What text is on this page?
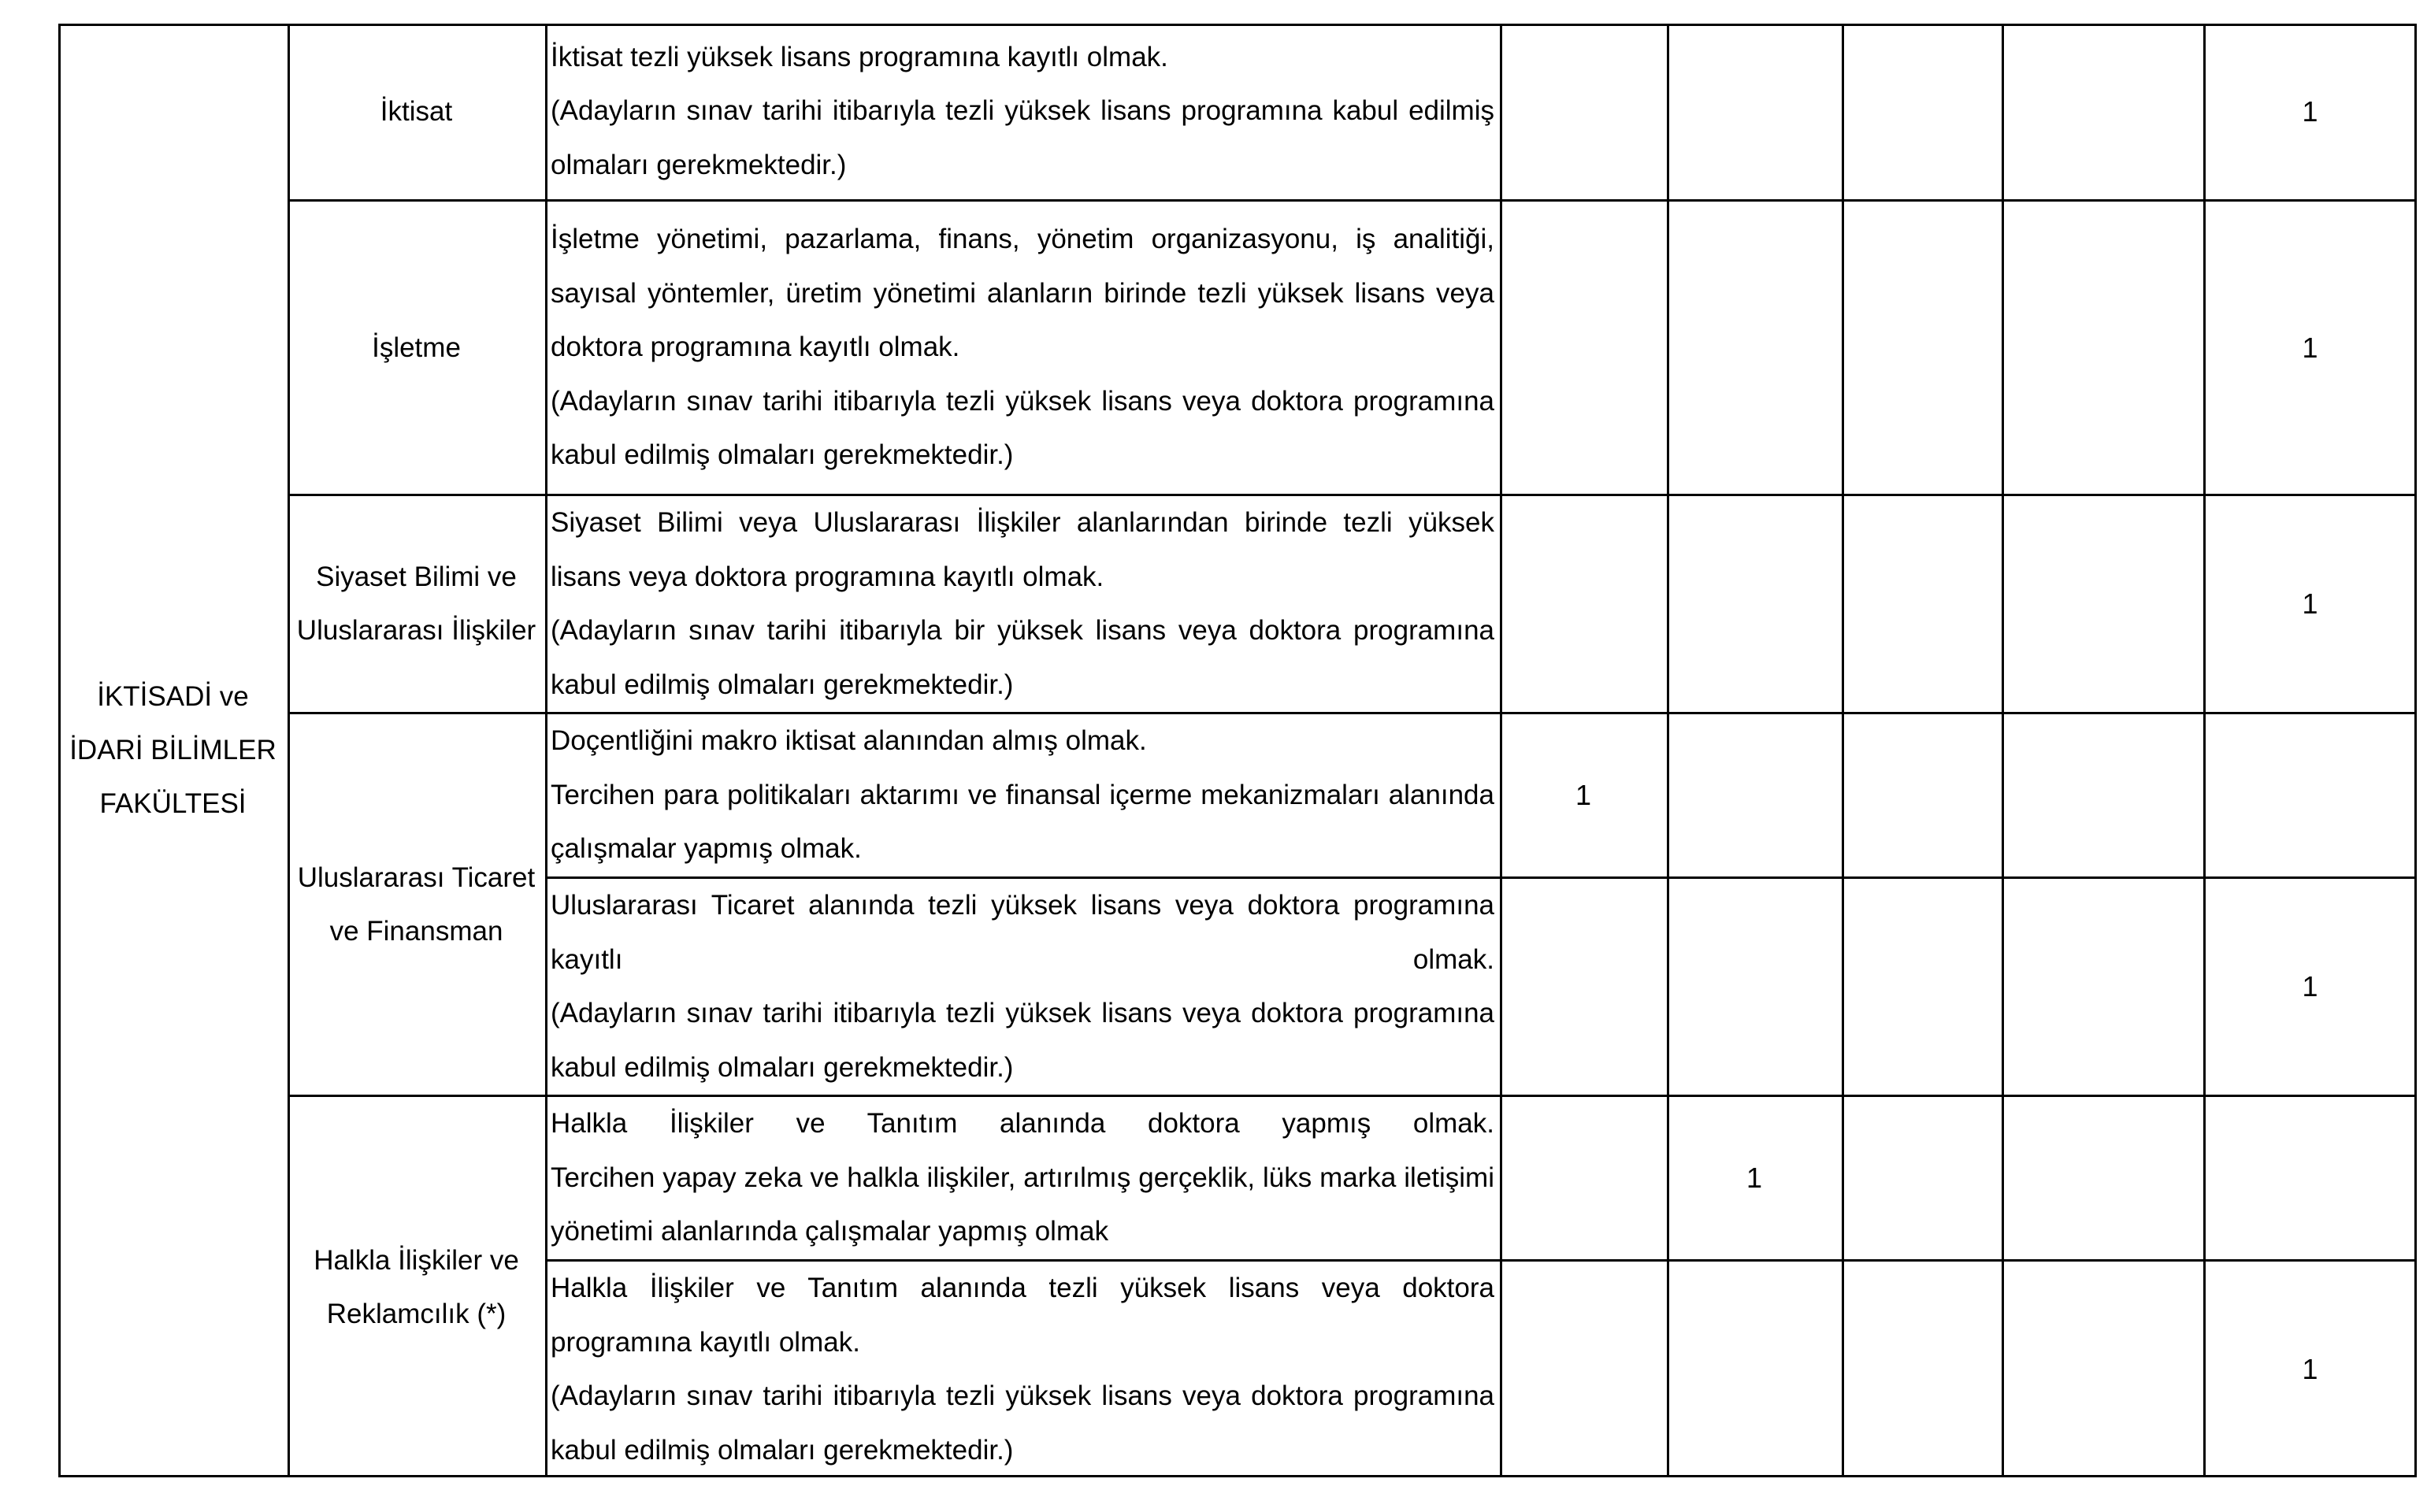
İKTİSADİ ve
İDARİ BİLİMLER
FAKÜLTESİ
İktisat
İşletme
Siyaset Bilimi ve
Uluslararası İlişkiler
Uluslararası Ticaret
ve Finansman
Halkla İlişkiler ve
Reklamcılık (*)
İktisat tezli yüksek lisans programına kayıtlı olmak.
(Adayların sınav tarihi itibarıyla tezli yüksek lisans programına kabul edilmiş
olmaları gerekmektedir.)
İşletme yönetimi, pazarlama, finans, yönetim organizasyonu, iş analitiği,
sayısal yöntemler, üretim yönetimi alanların birinde tezli yüksek lisans veya
doktora programına kayıtlı olmak.
(Adayların sınav tarihi itibarıyla tezli yüksek lisans veya doktora programına
kabul edilmiş olmaları gerekmektedir.)
Siyaset Bilimi veya Uluslararası İlişkiler alanlarından birinde tezli yüksek
lisans veya doktora programına kayıtlı olmak.
(Adayların sınav tarihi itibarıyla bir yüksek lisans veya doktora programına
kabul edilmiş olmaları gerekmektedir.)
Doçentliğini makro iktisat alanından almış olmak.
Tercihen para politikaları aktarımı ve finansal içerme mekanizmaları alanında
çalışmalar yapmış olmak.
Uluslararası Ticaret alanında tezli yüksek lisans veya doktora programına
kayıtlı olmak.
(Adayların sınav tarihi itibarıyla tezli yüksek lisans veya doktora programına
kabul edilmiş olmaları gerekmektedir.)
Halkla İlişkiler ve Tanıtım alanında doktora yapmış olmak.
Tercihen yapay zeka ve halkla ilişkiler, artırılmış gerçeklik, lüks marka iletişimi
yönetimi alanlarında çalışmalar yapmış olmak
Halkla İlişkiler ve Tanıtım alanında tezli yüksek lisans veya doktora
programına kayıtlı olmak.
(Adayların sınav tarihi itibarıyla tezli yüksek lisans veya doktora programına
kabul edilmiş olmaları gerekmektedir.)
1
1
1
1
1
1
1
